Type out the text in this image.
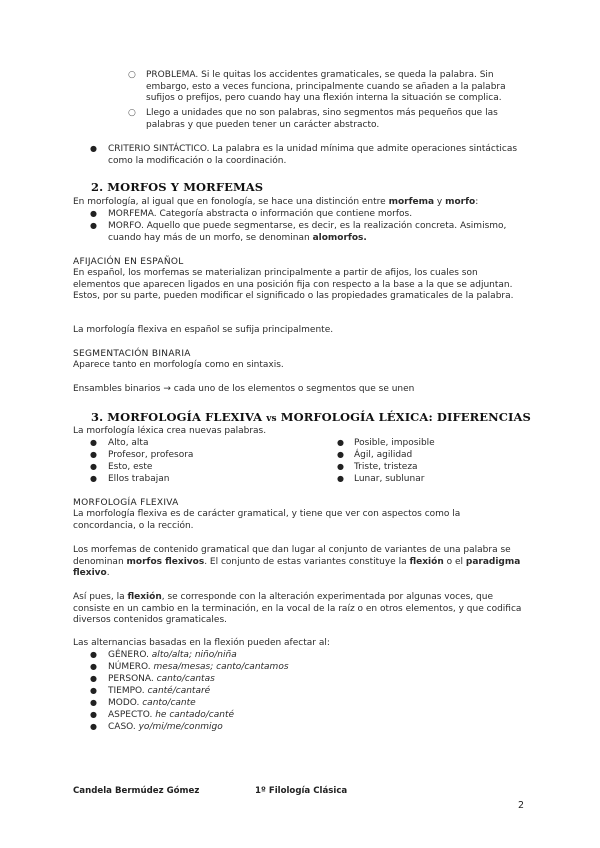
○ PROBLEMA. Si le quitas los accidentes gramaticales, se queda la palabra. Sin embargo, esto a veces funciona, principalmente cuando se añaden a la palabra sufijos o prefijos, pero cuando hay una flexión interna la situación se complica.
○ Llego a unidades que no son palabras, sino segmentos más pequeños que las palabras y que pueden tener un carácter abstracto.
● CRITERIO SINTÁCTICO. La palabra es la unidad mínima que admite operaciones sintácticas como la modificación o la coordinación.
2. MORFOS Y MORFEMAS
En morfología, al igual que en fonología, se hace una distinción entre morfema y morfo:
● MORFEMA. Categoría abstracta o información que contiene morfos.
● MORFO. Aquello que puede segmentarse, es decir, es la realización concreta. Asimismo, cuando hay más de un morfo, se denominan alomorfos.
AFIJACIÓN EN ESPAÑOL
En español, los morfemas se materializan principalmente a partir de afijos, los cuales son elementos que aparecen ligados en una posición fija con respecto a la base a la que se adjuntan. Estos, por su parte, pueden modificar el significado o las propiedades gramaticales de la palabra.
La morfología flexiva en español se sufija principalmente.
SEGMENTACIÓN BINARIA
Aparece tanto en morfología como en sintaxis.
Ensambles binarios → cada uno de los elementos o segmentos que se unen
3. MORFOLOGÍA FLEXIVA vs MORFOLOGÍA LÉXICA: DIFERENCIAS
La morfología léxica crea nuevas palabras.
● Alto, alta
● Profesor, profesora
● Esto, este
● Ellos trabajan
● Posible, imposible
● Ágil, agilidad
● Triste, tristeza
● Lunar, sublunar
MORFOLOGÍA FLEXIVA
La morfología flexiva es de carácter gramatical, y tiene que ver con aspectos como la concordancia, o la rección.
Los morfemas de contenido gramatical que dan lugar al conjunto de variantes de una palabra se denominan morfos flexivos. El conjunto de estas variantes constituye la flexión o el paradigma flexivo.
Así pues, la flexión, se corresponde con la alteración experimentada por algunas voces, que consiste en un cambio en la terminación, en la vocal de la raíz o en otros elementos, y que codifica diversos contenidos gramaticales.
Las alternancias basadas en la flexión pueden afectar al:
● GÉNERO. alto/alta; niño/niña
● NÚMERO. mesa/mesas; canto/cantamos
● PERSONA. canto/cantas
● TIEMPO. canté/cantaré
● MODO. canto/cante
● ASPECTO. he cantado/canté
● CASO. yo/mi/me/conmigo
Candela Bermúdez Gómez	1º Filología Clásica
2
